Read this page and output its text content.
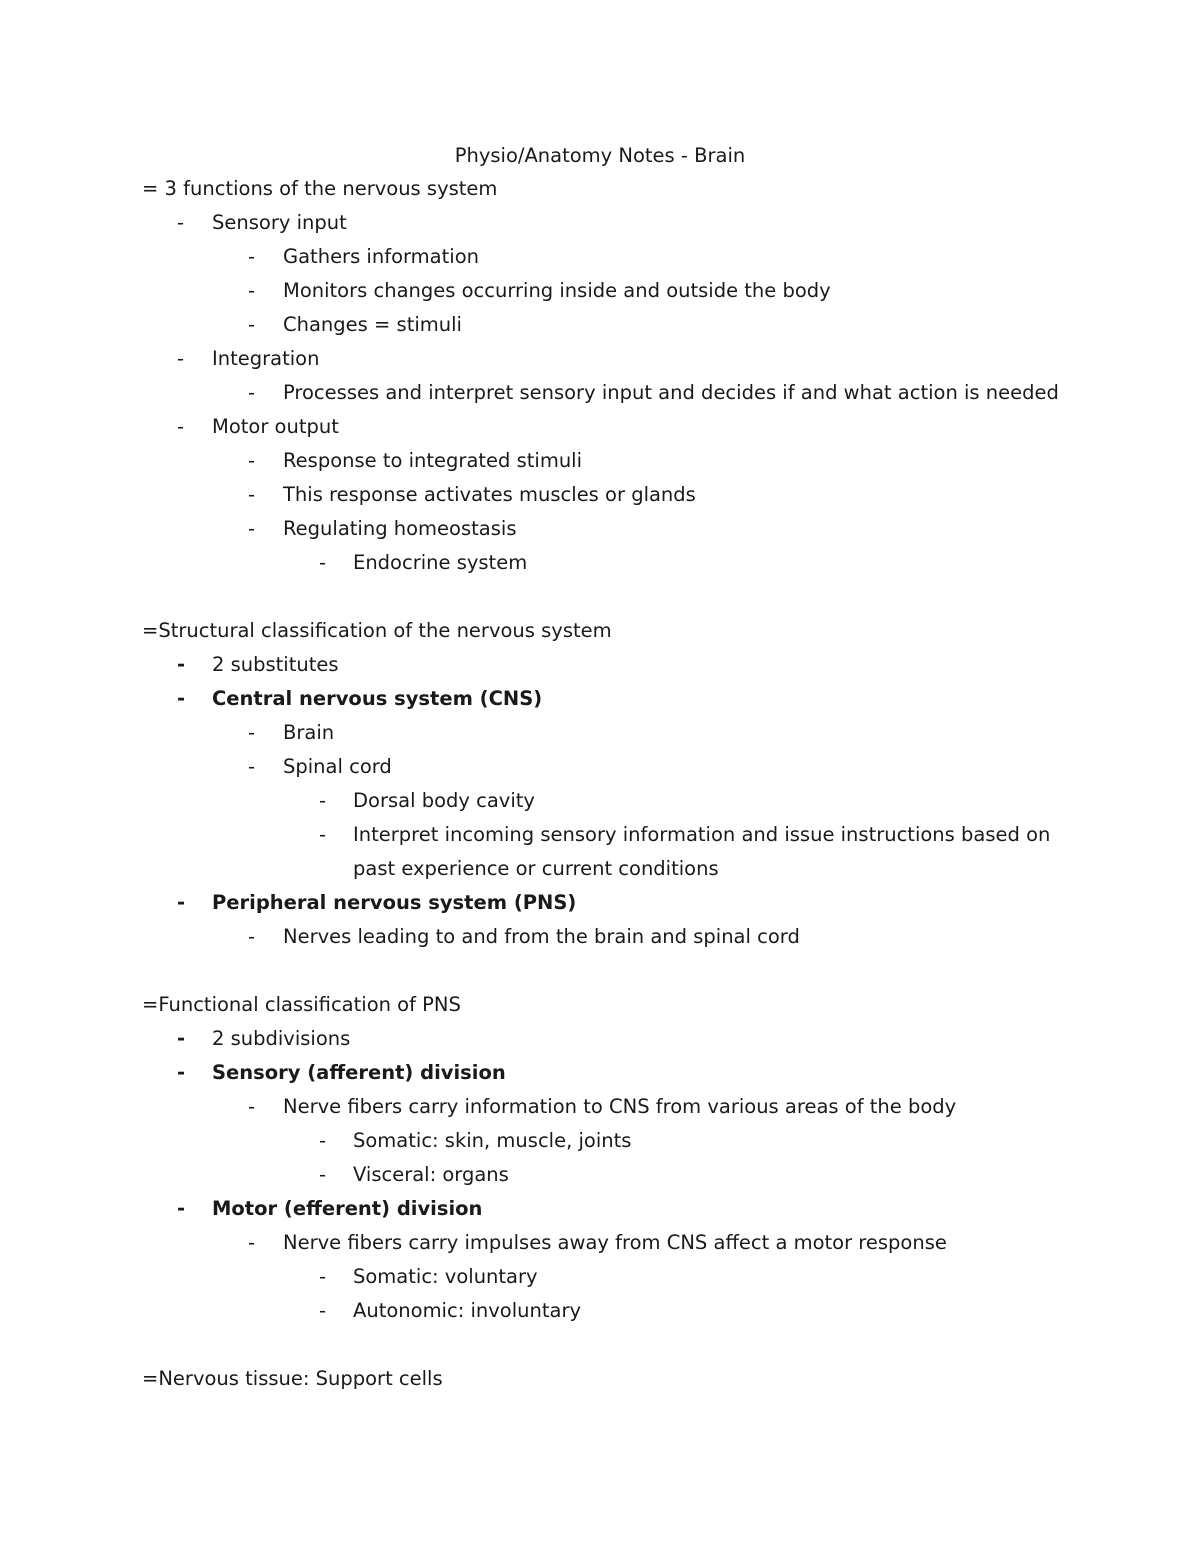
Physio/Anatomy Notes - Brain
= 3 functions of the nervous system
- Sensory input
- Gathers information
- Monitors changes occurring inside and outside the body
- Changes = stimuli
- Integration
- Processes and interpret sensory input and decides if and what action is needed
- Motor output
- Response to integrated stimuli
- This response activates muscles or glands
- Regulating homeostasis
- Endocrine system
=Structural classification of the nervous system
- 2 substitutes
- Central nervous system (CNS)
- Brain
- Spinal cord
- Dorsal body cavity
- Interpret incoming sensory information and issue instructions based on
past experience or current conditions
- Peripheral nervous system (PNS)
- Nerves leading to and from the brain and spinal cord
=Functional classification of PNS
- 2 subdivisions
- Sensory (afferent) division
- Nerve fibers carry information to CNS from various areas of the body
- Somatic: skin, muscle, joints
- Visceral: organs
- Motor (efferent) division
- Nerve fibers carry impulses away from CNS affect a motor response
- Somatic: voluntary
- Autonomic: involuntary
=Nervous tissue: Support cells
